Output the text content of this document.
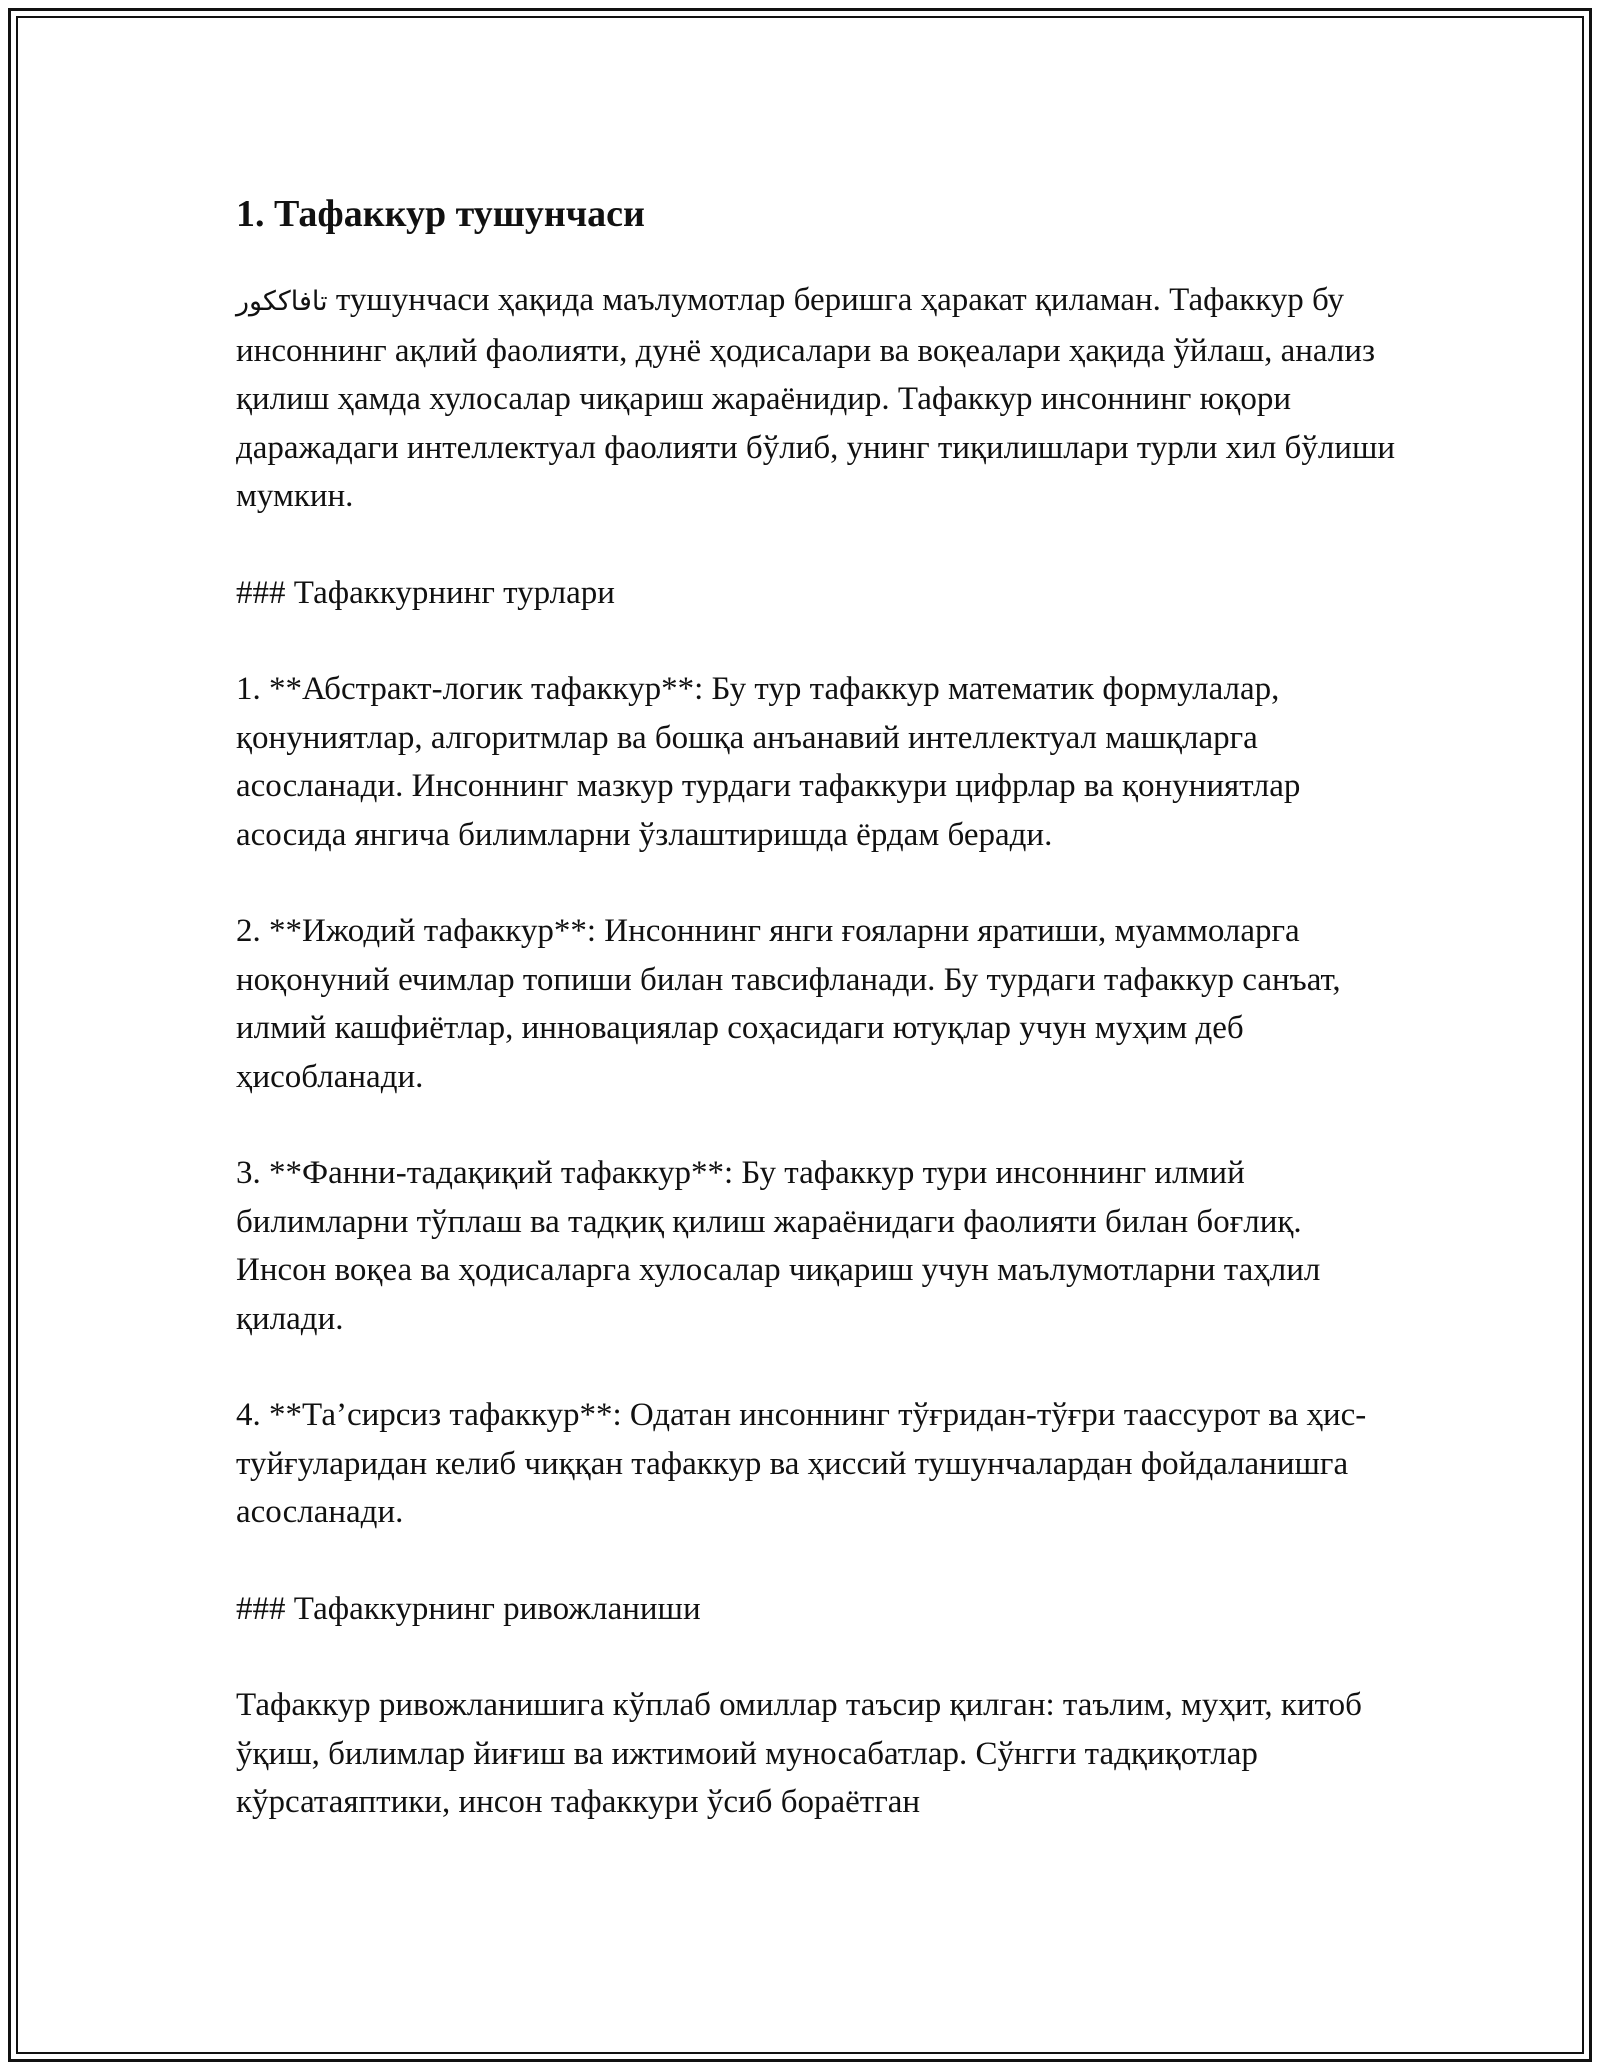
1. Тафаккур тушунчаси

تافاككور тушунчаси ҳақида маълумотлар беришга ҳаракат қиламан. Тафаккур бу инсоннинг ақлий фаолияти, дунё ҳодисалари ва воқеалари ҳақида ўйлаш, анализ қилиш ҳамда хулосалар чиқариш жараёнидир. Тафаккур инсоннинг юқори даражадаги интеллектуал фаолияти бўлиб, унинг тиқилишлари турли хил бўлиши мумкин.

### Тафаккурнинг турлари

1. **Абстракт-логик тафаккур**: Бу тур тафаккур математик формулалар, қонуниятлар, алгоритмлар ва бошқа анъанавий интеллектуал машқларга асосланади. Инсоннинг мазкур турдаги тафаккури цифрлар ва қонуниятлар асосида янгича билимларни ўзлаштиришда ёрдам беради.

2. **Ижодий тафаккур**: Инсоннинг янги ғояларни яратиши, муаммоларга ноқонуний ечимлар топиши билан тавсифланади. Бу турдаги тафаккур санъат, илмий кашфиётлар, инновациялар соҳасидаги ютуқлар учун муҳим деб ҳисобланади.

3. **Фанни-тадақиқий тафаккур**: Бу тафаккур тури инсоннинг илмий билимларни тўплаш ва тадқиқ қилиш жараёнидаги фаолияти билан боғлиқ. Инсон воқеа ва ҳодисаларга хулосалар чиқариш учун маълумотларни таҳлил қилади.

4. **Та’сирсиз тафаккур**: Одатан инсоннинг тўғридан-тўғри таассурот ва ҳис-туйғуларидан келиб чиққан тафаккур ва ҳиссий тушунчалардан фойдаланишга асосланади.

### Тафаккурнинг ривожланиши

Тафаккур ривожланишига кўплаб омиллар таъсир қилган: таълим, муҳит, китоб ўқиш, билимлар йиғиш ва ижтимоий муносабатлар. Сўнгги тадқиқотлар кўрсатаяптики, инсон тафаккури ўсиб бораётган
